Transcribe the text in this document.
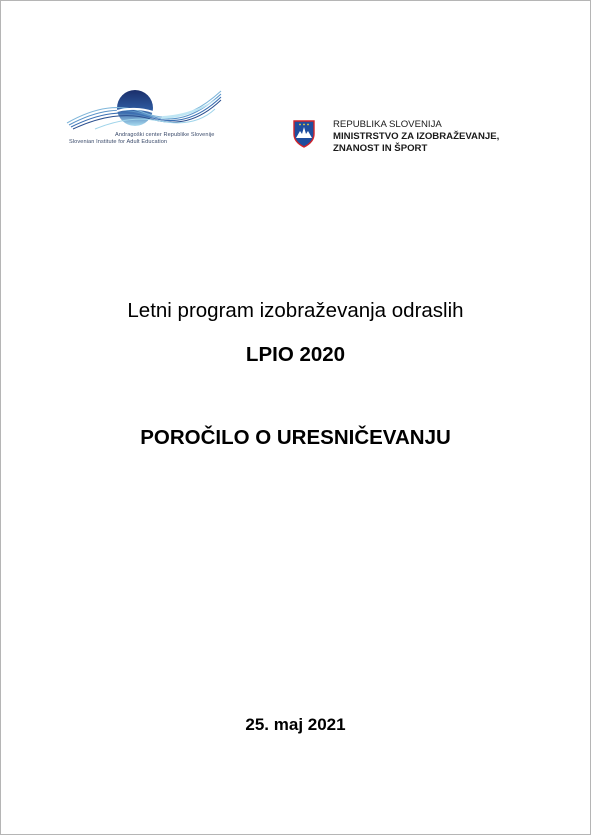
Andragoški center Republike Slovenije
Slovenian Institute for Adult Education
REPUBLIKA SLOVENIJA
MINISTRSTVO ZA IZOBRAŽEVANJE,
ZNANOST IN ŠPORT
Letni program izobraževanja odraslih
LPIO 2020
POROČILO O URESNIČEVANJU
25. maj 2021
